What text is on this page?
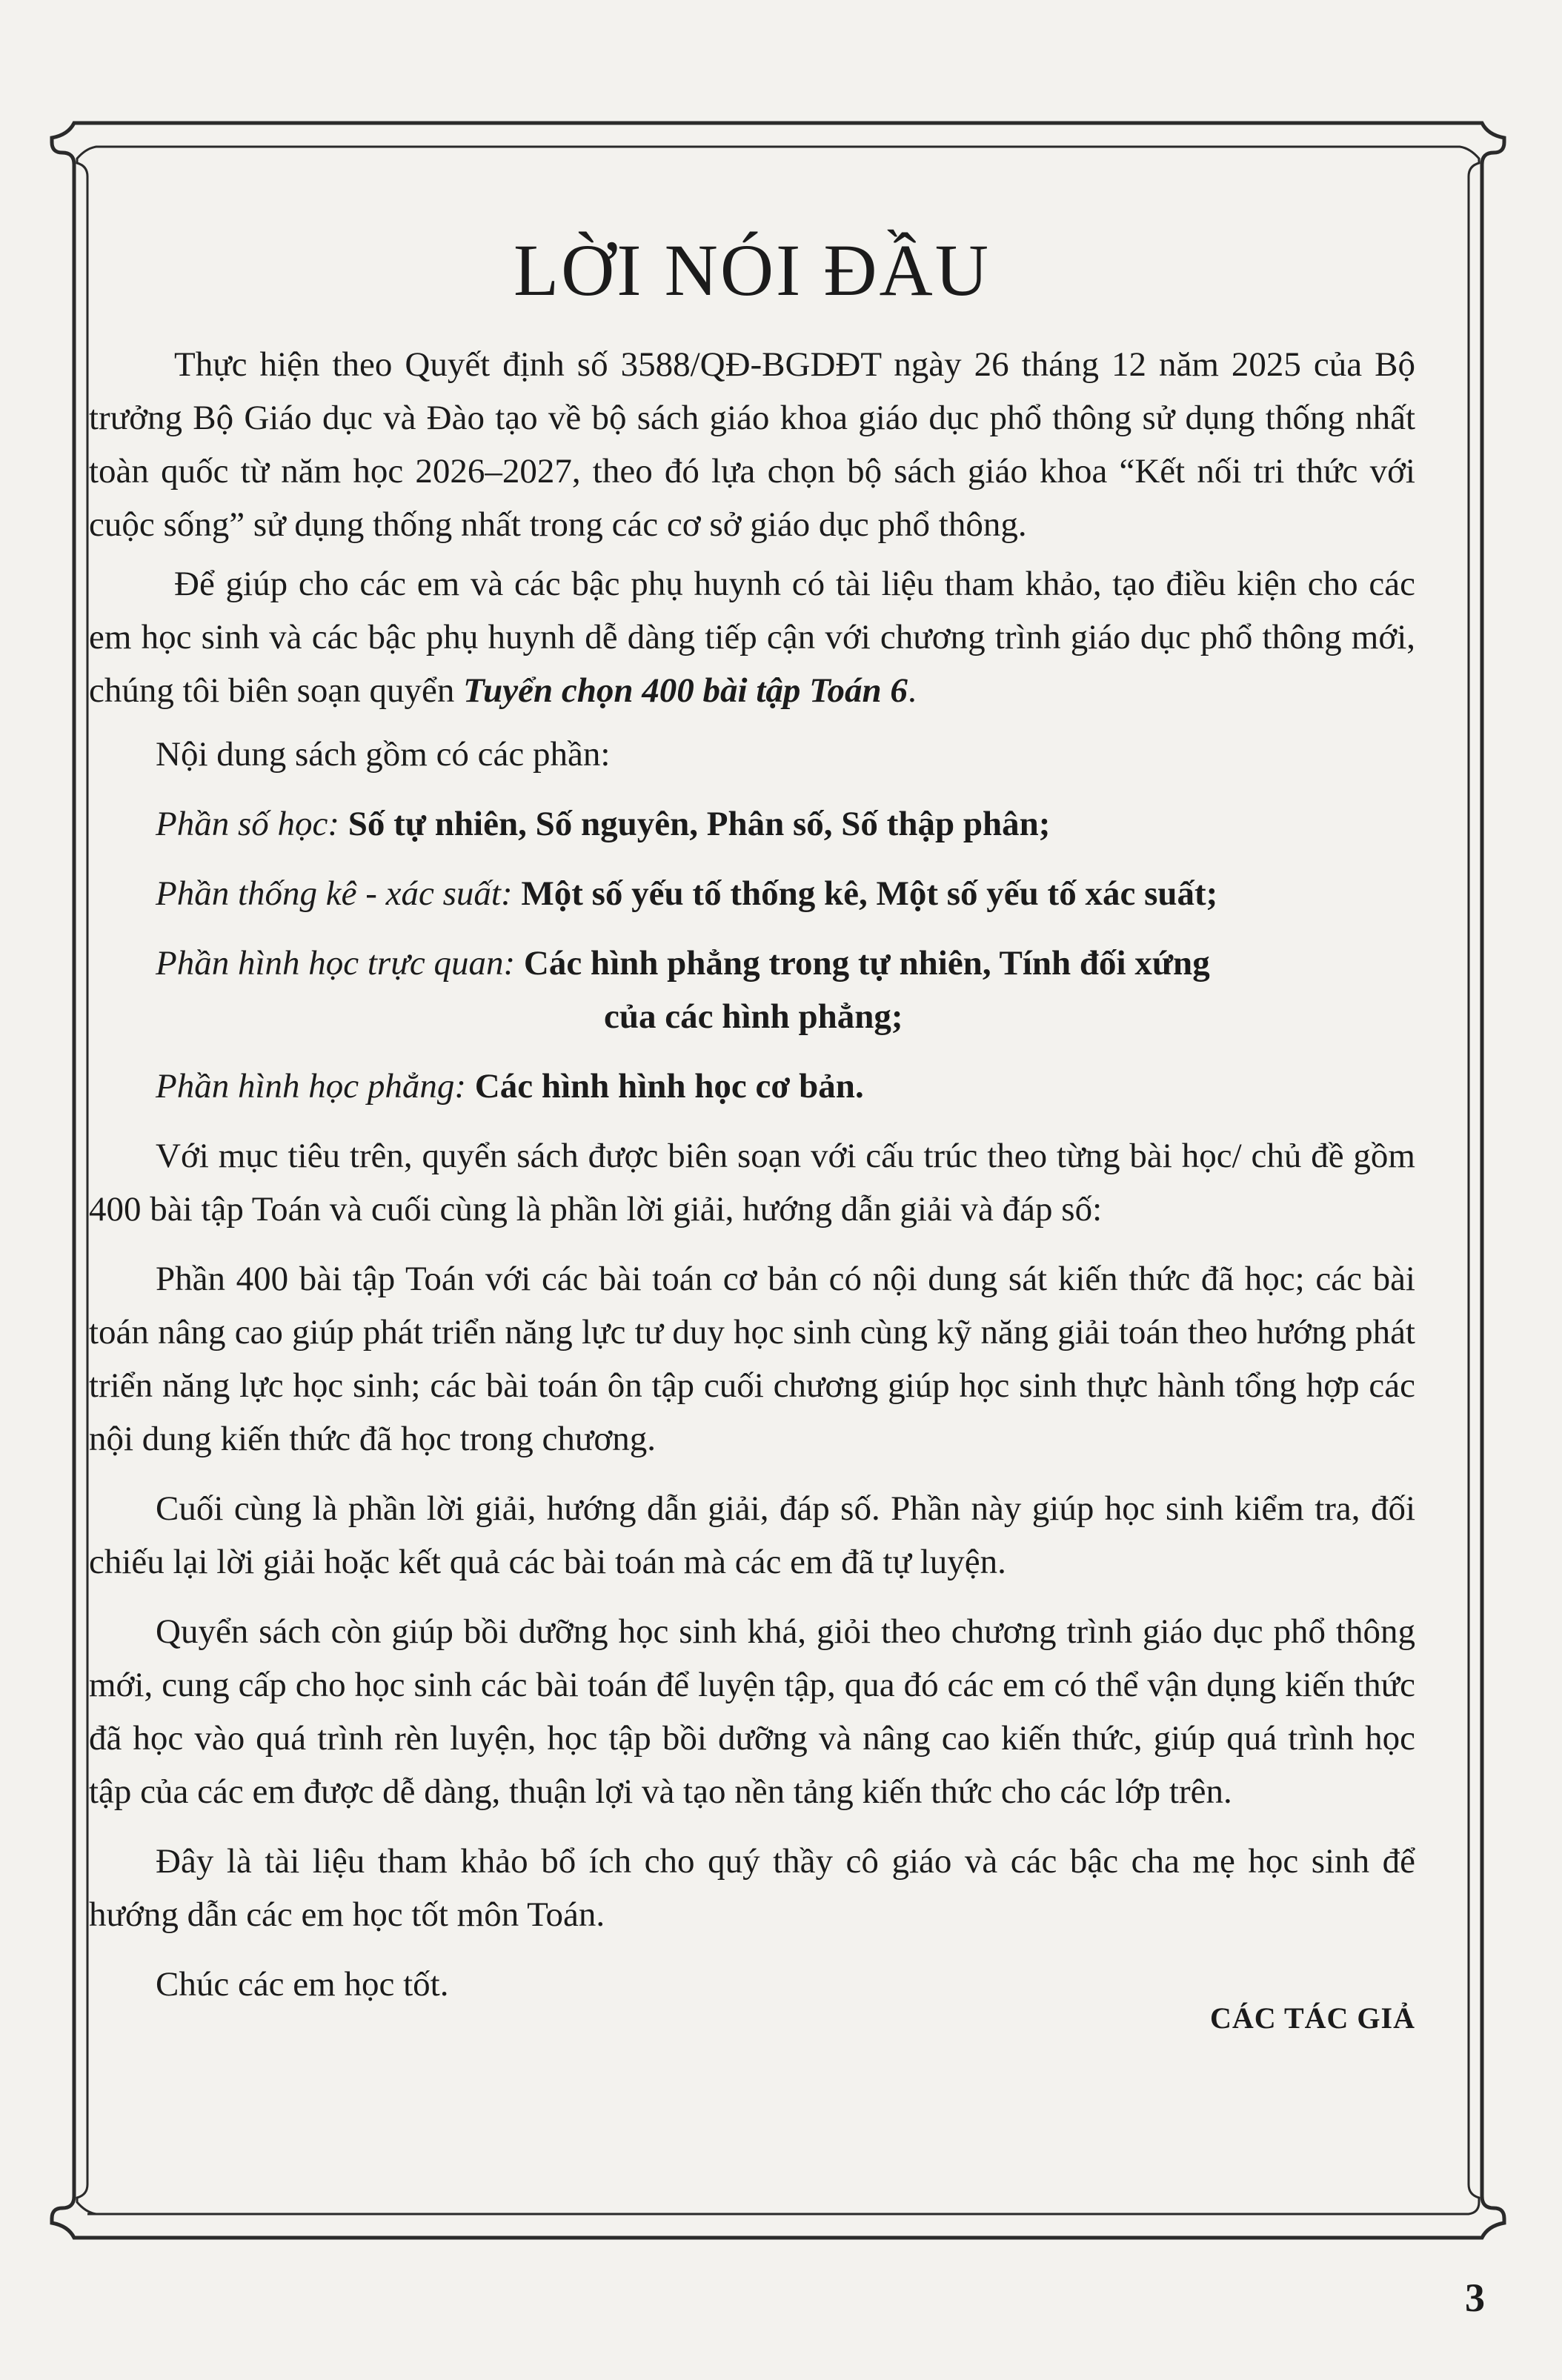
LỜI NÓI ĐẦU

Thực hiện theo Quyết định số 3588/QĐ-BGDĐT ngày 26 tháng 12 năm 2025 của Bộ trưởng Bộ Giáo dục và Đào tạo về bộ sách giáo khoa giáo dục phổ thông sử dụng thống nhất toàn quốc từ năm học 2026–2027, theo đó lựa chọn bộ sách giáo khoa “Kết nối tri thức với cuộc sống” sử dụng thống nhất trong các cơ sở giáo dục phổ thông.

Để giúp cho các em và các bậc phụ huynh có tài liệu tham khảo, tạo điều kiện cho các em học sinh và các bậc phụ huynh dễ dàng tiếp cận với chương trình giáo dục phổ thông mới, chúng tôi biên soạn quyển Tuyển chọn 400 bài tập Toán 6.

Nội dung sách gồm có các phần:

Phần số học: Số tự nhiên, Số nguyên, Phân số, Số thập phân;

Phần thống kê - xác suất: Một số yếu tố thống kê, Một số yếu tố xác suất;

Phần hình học trực quan: Các hình phẳng trong tự nhiên, Tính đối xứng
của các hình phẳng;

Phần hình học phẳng: Các hình hình học cơ bản.

Với mục tiêu trên, quyển sách được biên soạn với cấu trúc theo từng bài học/ chủ đề gồm 400 bài tập Toán và cuối cùng là phần lời giải, hướng dẫn giải và đáp số:

Phần 400 bài tập Toán với các bài toán cơ bản có nội dung sát kiến thức đã học; các bài toán nâng cao giúp phát triển năng lực tư duy học sinh cùng kỹ năng giải toán theo hướng phát triển năng lực học sinh; các bài toán ôn tập cuối chương giúp học sinh thực hành tổng hợp các nội dung kiến thức đã học trong chương.

Cuối cùng là phần lời giải, hướng dẫn giải, đáp số. Phần này giúp học sinh kiểm tra, đối chiếu lại lời giải hoặc kết quả các bài toán mà các em đã tự luyện.

Quyển sách còn giúp bồi dưỡng học sinh khá, giỏi theo chương trình giáo dục phổ thông mới, cung cấp cho học sinh các bài toán để luyện tập, qua đó các em có thể vận dụng kiến thức đã học vào quá trình rèn luyện, học tập bồi dưỡng và nâng cao kiến thức, giúp quá trình học tập của các em được dễ dàng, thuận lợi và tạo nền tảng kiến thức cho các lớp trên.

Đây là tài liệu tham khảo bổ ích cho quý thầy cô giáo và các bậc cha mẹ học sinh để hướng dẫn các em học tốt môn Toán.

Chúc các em học tốt.

CÁC TÁC GIẢ

3
